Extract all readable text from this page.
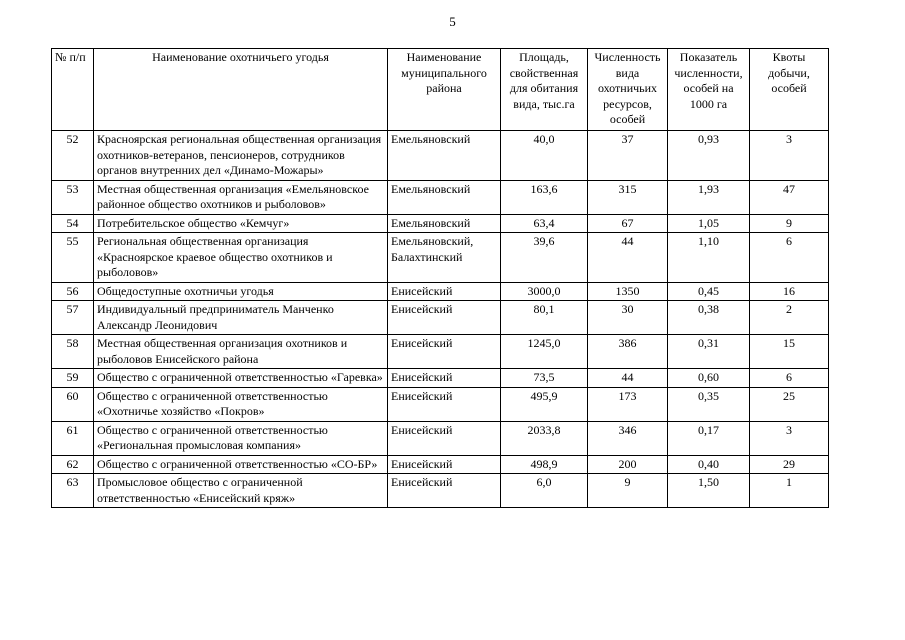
5
№ п/п	Наименование охотничьего угодья	Наименование муниципального района	Площадь, свойственная для обитания вида, тыс.га	Численность вида охотничьих ресурсов, особей	Показатель численности, особей на 1000 га	Квоты добычи, особей
52	Красноярская региональная общественная организация охотников-ветеранов, пенсионеров, сотрудников органов внутренних дел «Динамо-Можары»	Емельяновский	40,0	37	0,93	3
53	Местная общественная организация «Емельяновское районное общество охотников и рыболовов»	Емельяновский	163,6	315	1,93	47
54	Потребительское общество «Кемчуг»	Емельяновский	63,4	67	1,05	9
55	Региональная общественная организация «Красноярское краевое общество охотников и рыболовов»	Емельяновский, Балахтинский	39,6	44	1,10	6
56	Общедоступные охотничьи угодья	Енисейский	3000,0	1350	0,45	16
57	Индивидуальный предприниматель Манченко Александр Леонидович	Енисейский	80,1	30	0,38	2
58	Местная общественная организация охотников и рыболовов Енисейского района	Енисейский	1245,0	386	0,31	15
59	Общество с ограниченной ответственностью «Гаревка»	Енисейский	73,5	44	0,60	6
60	Общество с ограниченной ответственностью «Охотничье хозяйство «Покров»	Енисейский	495,9	173	0,35	25
61	Общество с ограниченной ответственностью «Региональная промысловая компания»	Енисейский	2033,8	346	0,17	3
62	Общество с ограниченной ответственностью «СО-БР»	Енисейский	498,9	200	0,40	29
63	Промысловое общество с ограниченной ответственностью «Енисейский кряж»	Енисейский	6,0	9	1,50	1
